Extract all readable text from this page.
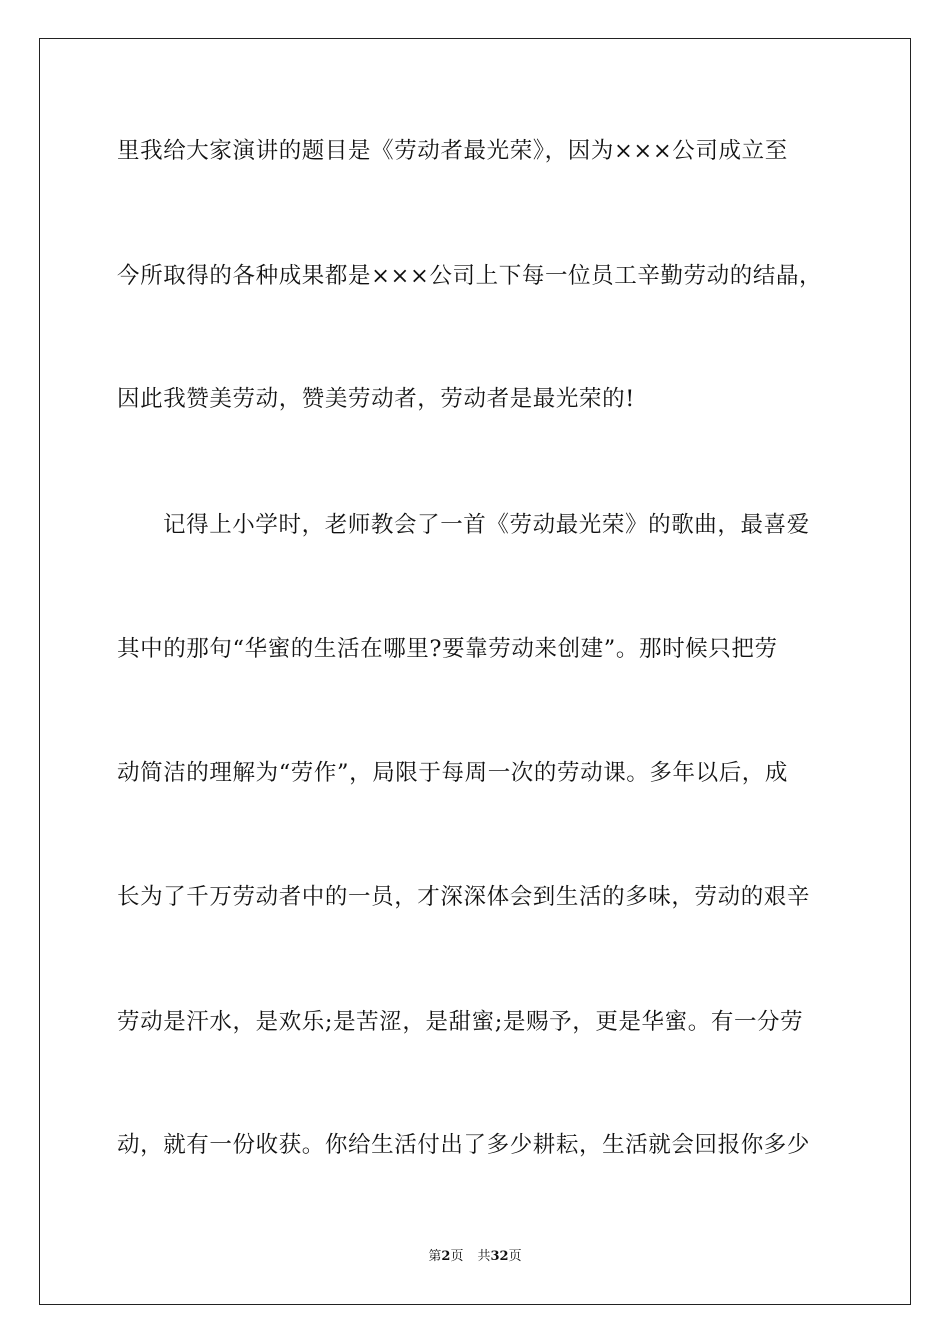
里我给大家演讲的题目是《劳动者最光荣》，因为×××公司成立至
今所取得的各种成果都是×××公司上下每一位员工辛勤劳动的结晶，
因此我赞美劳动，赞美劳动者，劳动者是最光荣的!
记得上小学时，老师教会了一首《劳动最光荣》的歌曲，最喜爱
其中的那句“华蜜的生活在哪里?要靠劳动来创建”。那时候只把劳
动简洁的理解为“劳作”，局限于每周一次的劳动课。多年以后，成
长为了千万劳动者中的一员，才深深体会到生活的多味，劳动的艰辛
劳动是汗水，是欢乐;是苦涩，是甜蜜;是赐予，更是华蜜。有一分劳
动，就有一份收获。你给生活付出了多少耕耘，生活就会回报你多少
第2页 共32页
